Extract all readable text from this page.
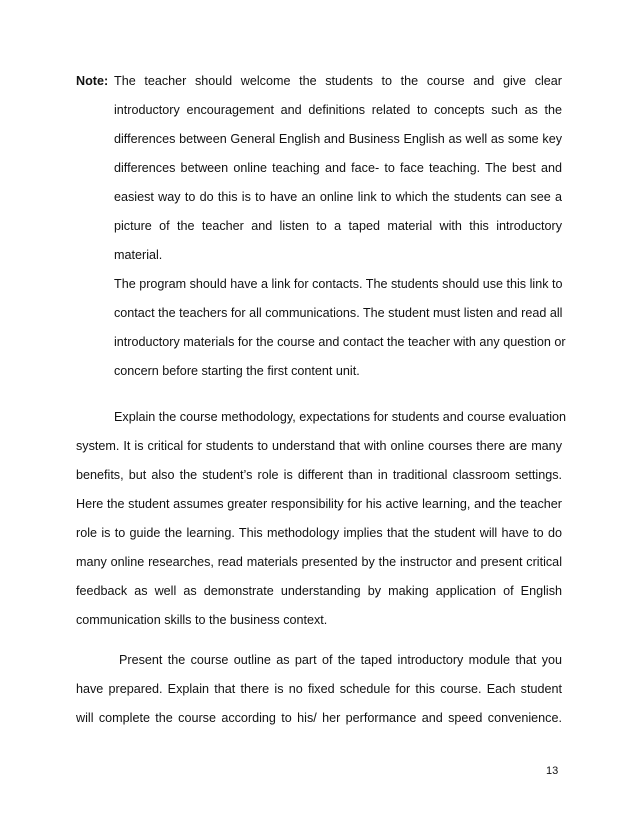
Note: The teacher should welcome the students to the course and give clear
introductory encouragement and definitions related to concepts such as the
differences between General English and Business English as well as some key
differences between online teaching and face- to face teaching. The best and
easiest way to do this is to have an online link to which the students can see a
picture of the teacher and listen to a taped material with this introductory
material.
The program should have a link for contacts. The students should use this link to
contact the teachers for all communications. The student must listen and read all
introductory materials for the course and contact the teacher with any question or
concern before starting the first content unit.
Explain the course methodology, expectations for students and course evaluation
system. It is critical for students to understand that with online courses there are many
benefits, but also the student’s role is different than in traditional classroom settings.
Here the student assumes greater responsibility for his active learning, and the teacher
role is to guide the learning. This methodology implies that the student will have to do
many online researches, read materials presented by the instructor and present critical
feedback as well as demonstrate understanding by making application of English
communication skills to the business context.
Present the course outline as part of the taped introductory module that you
have prepared. Explain that there is no fixed schedule for this course. Each student
will complete the course according to his/ her performance and speed convenience.
13
